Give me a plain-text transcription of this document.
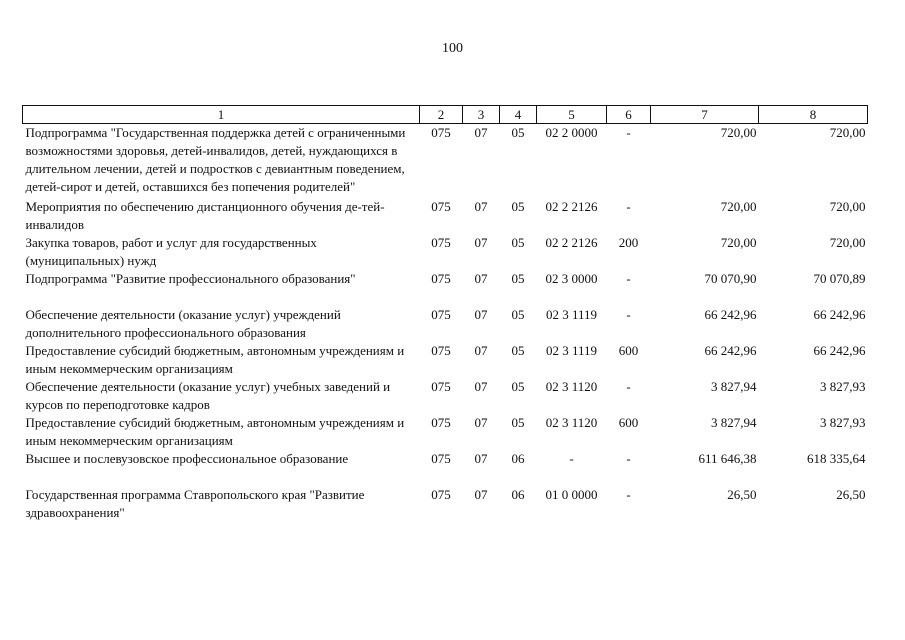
100
1	2	3	4	5	6	7	8
Подпрограмма "Государственная поддержка детей с ограниченными возможностями здоровья, детей-инвалидов, детей, нуждающихся в длительном лечении, детей и подростков с девиантным поведением, детей-сирот и детей, оставшихся без попечения родителей"	075	07	05	02 2 0000	-	720,00	720,00
Мероприятия по обеспечению дистанционного обучения де-тей-инвалидов	075	07	05	02 2 2126	-	720,00	720,00
Закупка товаров, работ и услуг для государственных (муниципальных) нужд	075	07	05	02 2 2126	200	720,00	720,00
Подпрограмма "Развитие профессионального образования"	075	07	05	02 3 0000	-	70 070,90	70 070,89
Обеспечение деятельности (оказание услуг) учреждений дополнительного профессионального образования	075	07	05	02 3 1119	-	66 242,96	66 242,96
Предоставление субсидий бюджетным, автономным учреждениям и иным некоммерческим организациям	075	07	05	02 3 1119	600	66 242,96	66 242,96
Обеспечение деятельности (оказание услуг) учебных заведений и курсов по переподготовке кадров	075	07	05	02 3 1120	-	3 827,94	3 827,93
Предоставление субсидий бюджетным, автономным учреждениям и иным некоммерческим организациям	075	07	05	02 3 1120	600	3 827,94	3 827,93
Высшее и послевузовское профессиональное образование	075	07	06	-	-	611 646,38	618 335,64
Государственная программа Ставропольского края "Развитие здравоохранения"	075	07	06	01 0 0000	-	26,50	26,50
